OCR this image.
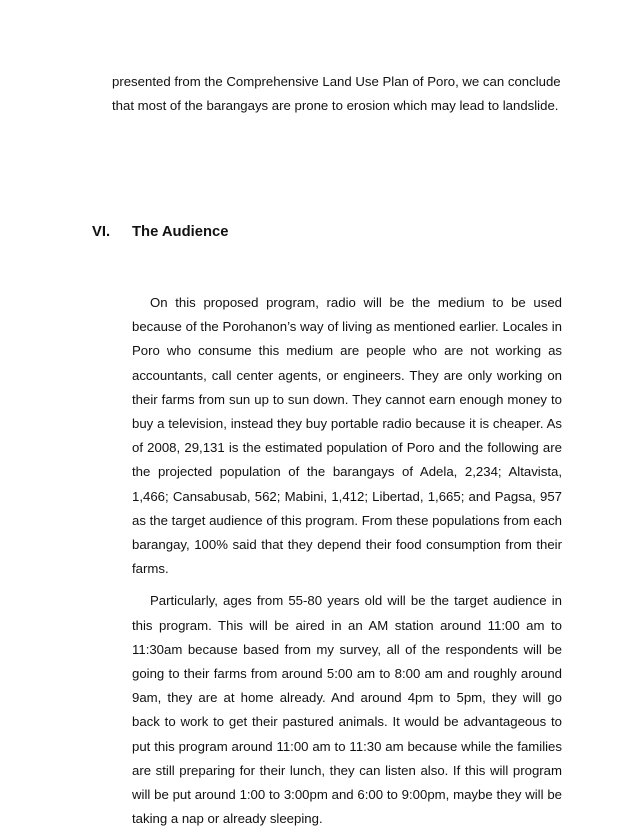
presented from the Comprehensive Land Use Plan of Poro, we can conclude that most of the barangays are prone to erosion which may lead to landslide.

VI.	The Audience

On this proposed program, radio will be the medium to be used because of the Porohanon’s way of living as mentioned earlier. Locales in Poro who consume this medium are people who are not working as accountants, call center agents, or engineers. They are only working on their farms from sun up to sun down. They cannot earn enough money to buy a television, instead they buy portable radio because it is cheaper. As of 2008, 29,131 is the estimated population of Poro and the following are the projected population of the barangays of Adela, 2,234; Altavista, 1,466; Cansabusab, 562; Mabini, 1,412; Libertad, 1,665; and Pagsa, 957 as the target audience of this program. From these populations from each barangay, 100% said that they depend their food consumption from their farms.

Particularly, ages from 55-80 years old will be the target audience in this program. This will be aired in an AM station around 11:00 am to 11:30am because based from my survey, all of the respondents will be going to their farms from around 5:00 am to 8:00 am and roughly around 9am, they are at home already. And around 4pm to 5pm, they will go back to work to get their pastured animals. It would be advantageous to put this program around 11:00 am to 11:30 am because while the families are still preparing for their lunch, they can listen also. If this will program will be put around 1:00 to 3:00pm and 6:00 to 9:00pm, maybe they will be taking a nap or already sleeping.
